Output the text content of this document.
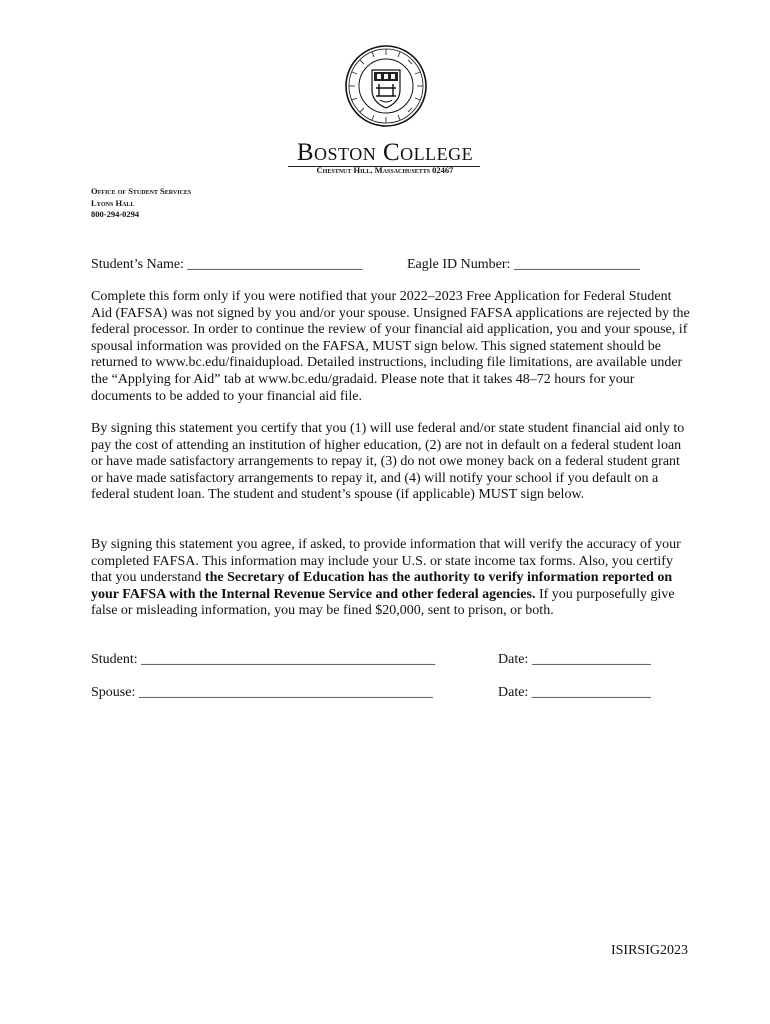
Boston College
Chestnut Hill, Massachusetts 02467
Office of Student Services
Lyons Hall
800-294-0294
Student’s Name: _________________________	Eagle ID Number: __________________
Complete this form only if you were notified that your 2022–2023 Free Application for Federal Student Aid (FAFSA) was not signed by you and/or your spouse. Unsigned FAFSA applications are rejected by the federal processor. In order to continue the review of your financial aid application, you and your spouse, if spousal information was provided on the FAFSA, MUST sign below. This signed statement should be returned to www.bc.edu/finaidupload. Detailed instructions, including file limitations, are available under the “Applying for Aid” tab at www.bc.edu/gradaid. Please note that it takes 48–72 hours for your documents to be added to your financial aid file.
By signing this statement you certify that you (1) will use federal and/or state student financial aid only to pay the cost of attending an institution of higher education, (2) are not in default on a federal student loan or have made satisfactory arrangements to repay it, (3) do not owe money back on a federal student grant or have made satisfactory arrangements to repay it, and (4) will notify your school if you default on a federal student loan. The student and student’s spouse (if applicable) MUST sign below.
By signing this statement you agree, if asked, to provide information that will verify the accuracy of your completed FAFSA. This information may include your U.S. or state income tax forms. Also, you certify that you understand the Secretary of Education has the authority to verify information reported on your FAFSA with the Internal Revenue Service and other federal agencies. If you purposefully give false or misleading information, you may be fined $20,000, sent to prison, or both.
Student: __________________________________________	Date: _________________
Spouse: __________________________________________	Date: _________________
ISIRSIG2023
